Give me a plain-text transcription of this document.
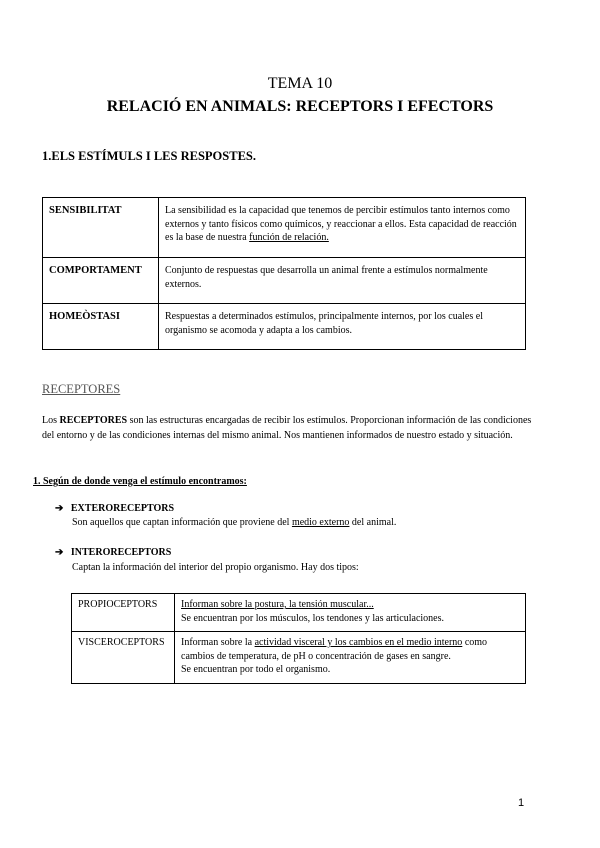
TEMA 10
RELACIÓ EN ANIMALS: RECEPTORS I EFECTORS
1.ELS ESTÍMULS I LES RESPOSTES.
SENSIBILITAT	La sensibilidad es la capacidad que tenemos de percibir estímulos tanto internos como externos y tanto físicos como químicos, y reaccionar a ellos. Esta capacidad de reacción es la base de nuestra función de relación.
COMPORTAMENT	Conjunto de respuestas que desarrolla un animal frente a estímulos normalmente externos.
HOMEÒSTASI	Respuestas a determinados estímulos, principalmente internos, por los cuales el organismo se acomoda y adapta a los cambios.
RECEPTORES
Los RECEPTORES son las estructuras encargadas de recibir los estímulos. Proporcionan información de las condiciones del entorno y de las condiciones internas del mismo animal. Nos mantienen informados de nuestro estado y situación.
1. Según de donde venga el estímulo encontramos:
➔ EXTERORECEPTORS
Son aquellos que captan información que proviene del medio externo del animal.
➔ INTERORECEPTORS
Captan la información del interior del propio organismo. Hay dos tipos:
PROPIOCEPTORS	Informan sobre la postura, la tensión muscular...
Se encuentran por los músculos, los tendones y las articulaciones.
VISCEROCEPTORS	Informan sobre la actividad visceral y los cambios en el medio interno como cambios de temperatura, de pH o concentración de gases en sangre.
Se encuentran por todo el organismo.
1
